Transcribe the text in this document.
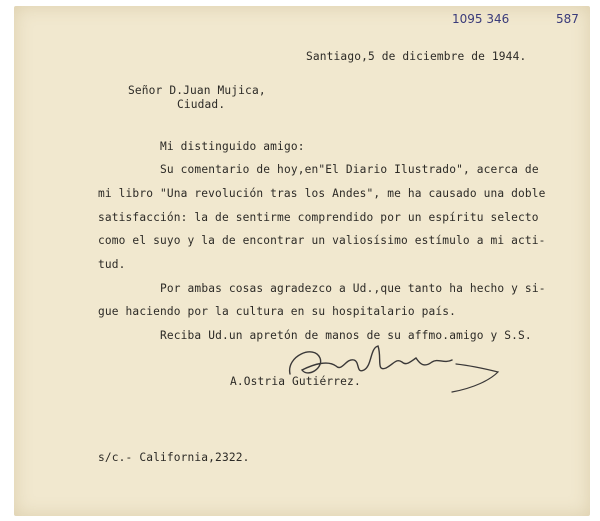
1095 346	587
Santiago,5 de diciembre de 1944.
Señor D.Juan Mujica,
Ciudad.
Mi distinguido amigo:
Su comentario de hoy,en"El Diario Ilustrado", acerca de
mi libro "Una revolución tras los Andes", me ha causado una doble
satisfacción: la de sentirme comprendido por un espíritu selecto
como el suyo y la de encontrar un valiosísimo estímulo a mi acti-
tud.
Por ambas cosas agradezco a Ud.,que tanto ha hecho y si-
gue haciendo por la cultura en su hospitalario país.
Reciba Ud.un apretón de manos de su affmo.amigo y S.S.
A.Ostria Gutiérrez.
s/c.- California,2322.
